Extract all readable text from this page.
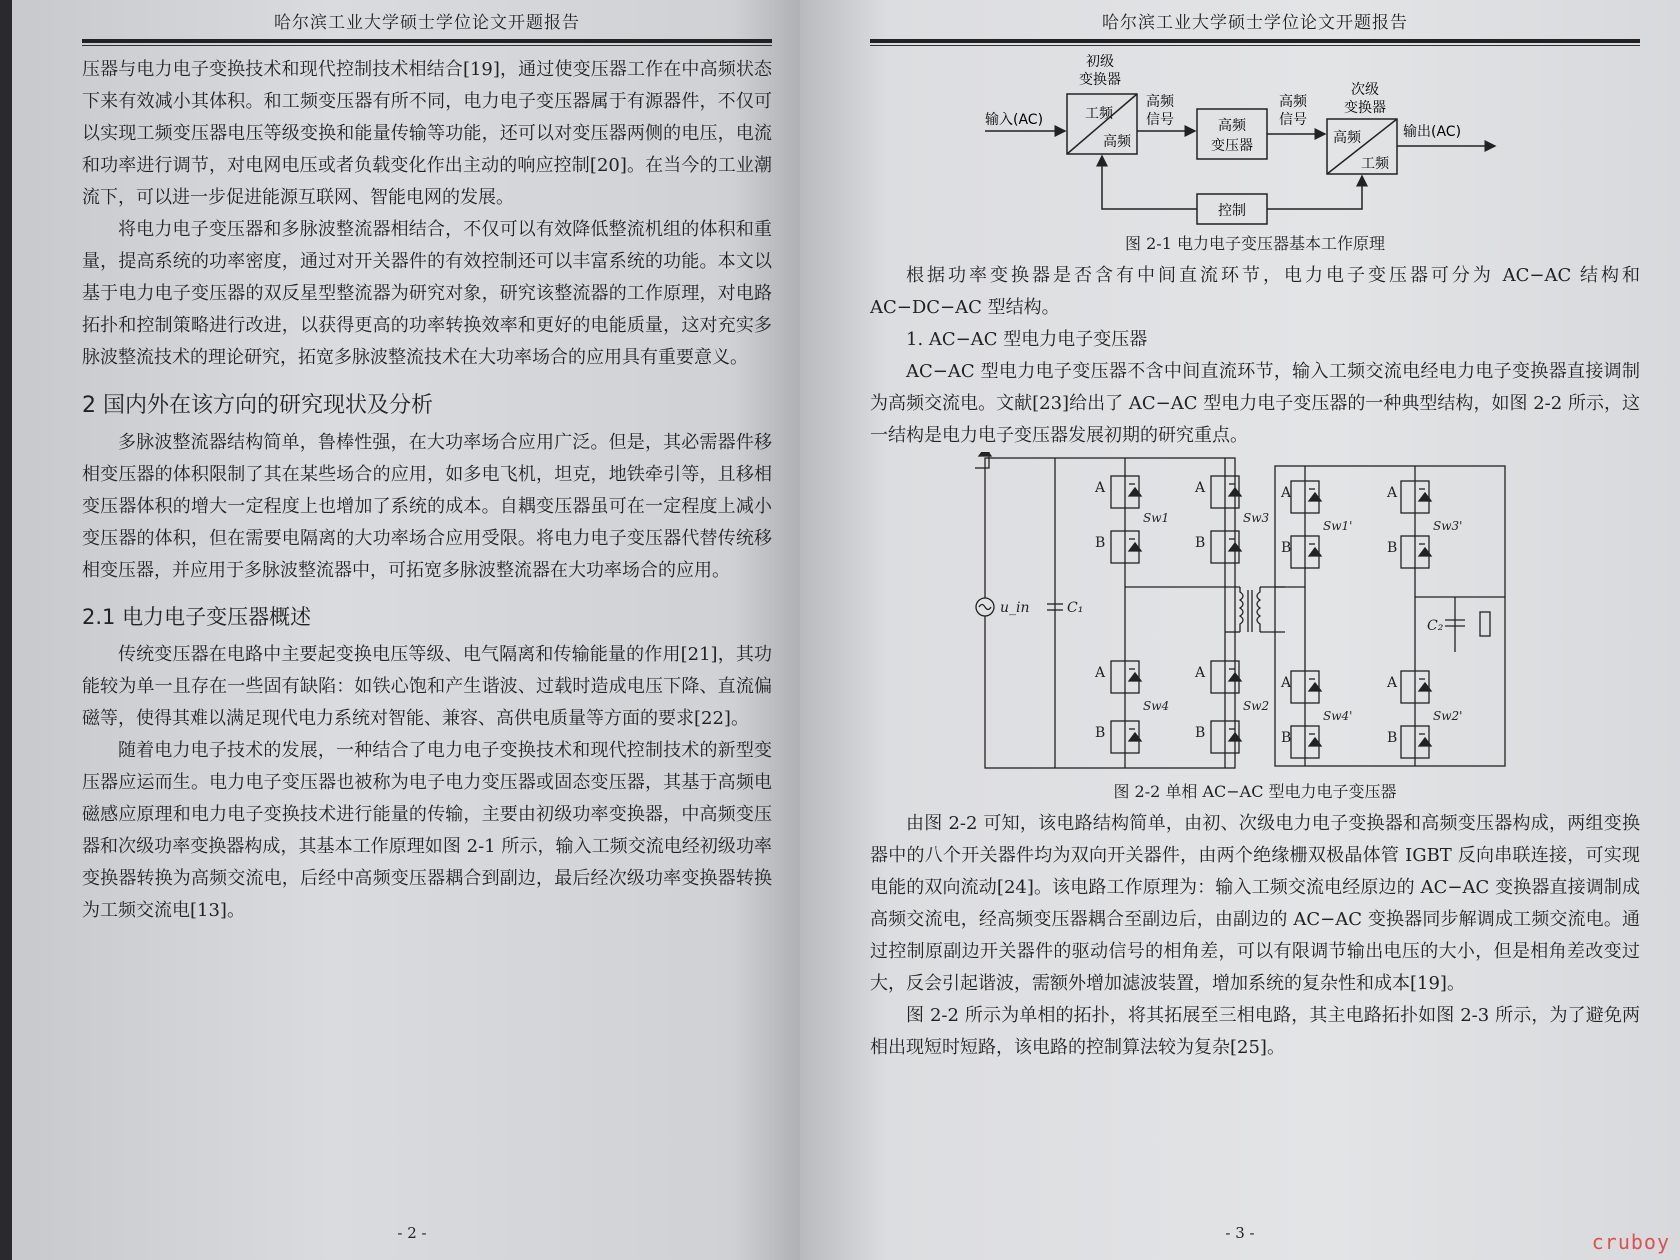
哈尔滨工业大学硕士学位论文开题报告

压器与电力电子变换技术和现代控制技术相结合[19]，通过使变压器工作在中高频状态下来有效减小其体积。和工频变压器有所不同，电力电子变压器属于有源器件，不仅可以实现工频变压器电压等级变换和能量传输等功能，还可以对变压器两侧的电压，电流和功率进行调节，对电网电压或者负载变化作出主动的响应控制[20]。在当今的工业潮流下，可以进一步促进能源互联网、智能电网的发展。

将电力电子变压器和多脉波整流器相结合，不仅可以有效降低整流机组的体积和重量，提高系统的功率密度，通过对开关器件的有效控制还可以丰富系统的功能。本文以基于电力电子变压器的双反星型整流器为研究对象，研究该整流器的工作原理，对电路拓扑和控制策略进行改进，以获得更高的功率转换效率和更好的电能质量，这对充实多脉波整流技术的理论研究，拓宽多脉波整流技术在大功率场合的应用具有重要意义。

2 国内外在该方向的研究现状及分析

多脉波整流器结构简单，鲁棒性强，在大功率场合应用广泛。但是，其必需器件移相变压器的体积限制了其在某些场合的应用，如多电飞机，坦克，地铁牵引等，且移相变压器体积的增大一定程度上也增加了系统的成本。自耦变压器虽可在一定程度上减小变压器的体积，但在需要电隔离的大功率场合应用受限。将电力电子变压器代替传统移相变压器，并应用于多脉波整流器中，可拓宽多脉波整流器在大功率场合的应用。

2.1 电力电子变压器概述

传统变压器在电路中主要起变换电压等级、电气隔离和传输能量的作用[21]，其功能较为单一且存在一些固有缺陷：如铁心饱和产生谐波、过载时造成电压下降、直流偏磁等，使得其难以满足现代电力系统对智能、兼容、高供电质量等方面的要求[22]。

随着电力电子技术的发展，一种结合了电力电子变换技术和现代控制技术的新型变压器应运而生。电力电子变压器也被称为电子电力变压器或固态变压器，其基于高频电磁感应原理和电力电子变换技术进行能量的传输，主要由初级功率变换器，中高频变压器和次级功率变换器构成，其基本工作原理如图 2-1 所示，输入工频交流电经初级功率变换器转换为高频交流电，后经中高频变压器耦合到副边，最后经次级功率变换器转换为工频交流电[13]。

- 2 -
哈尔滨工业大学硕士学位论文开题报告
初级
变换器
输入(AC)	工频
高频
高频
信号	高频
变压器
高频
信号
次级
变换器
高频
工频
输出(AC)
控制
图 2-1 电力电子变压器基本工作原理

根据功率变换器是否含有中间直流环节，电力电子变压器可分为 AC−AC 结构和 AC−DC−AC 型结构。

1. AC−AC 型电力电子变压器

AC−AC 型电力电子变压器不含中间直流环节，输入工频交流电经电力电子变换器直接调制为高频交流电。文献[23]给出了 AC−AC 型电力电子变压器的一种典型结构，如图 2-2 所示，这一结构是电力电子变压器发展初期的研究重点。

u_in	C₁
C₂
A
B
A
B
A
B
A
B
A
B
A
B
A
B
A
B
Sw1	Sw3
Sw4	Sw2
Sw1'	Sw3'
Sw4'	Sw2'
图 2-2 单相 AC−AC 型电力电子变压器

由图 2-2 可知，该电路结构简单，由初、次级电力电子变换器和高频变压器构成，两组变换器中的八个开关器件均为双向开关器件，由两个绝缘栅双极晶体管 IGBT 反向串联连接，可实现电能的双向流动[24]。该电路工作原理为：输入工频交流电经原边的 AC−AC 变换器直接调制成高频交流电，经高频变压器耦合至副边后，由副边的 AC−AC 变换器同步解调成工频交流电。通过控制原副边开关器件的驱动信号的相角差，可以有限调节输出电压的大小，但是相角差改变过大，反会引起谐波，需额外增加滤波装置，增加系统的复杂性和成本[19]。

图 2-2 所示为单相的拓扑，将其拓展至三相电路，其主电路拓扑如图 2-3 所示，为了避免两相出现短时短路，该电路的控制算法较为复杂[25]。

- 3 -	cruboy
